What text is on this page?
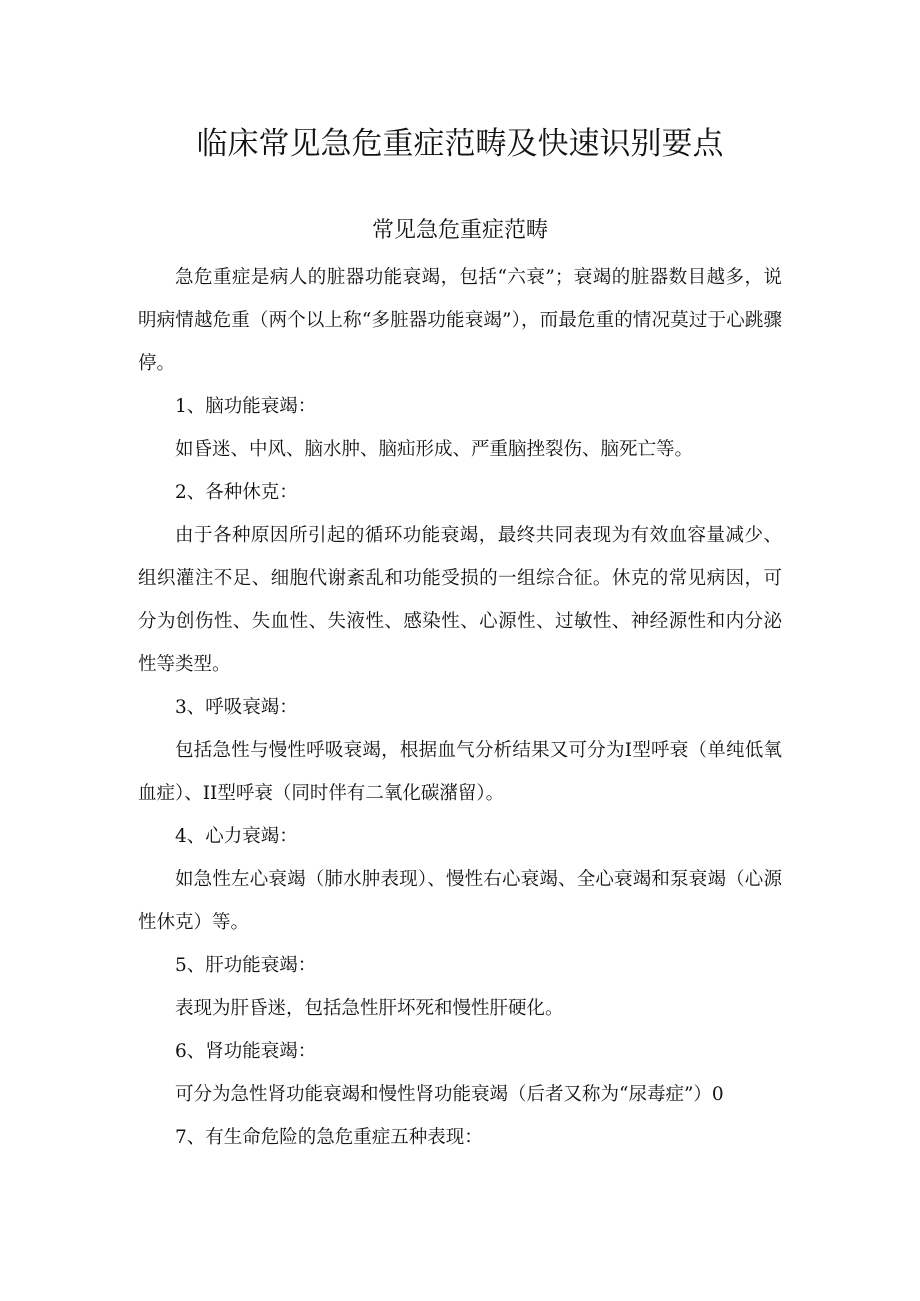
临床常见急危重症范畴及快速识别要点
常见急危重症范畴

急危重症是病人的脏器功能衰竭，包括“六衰”；衰竭的脏器数目越多，说明病情越危重（两个以上称“多脏器功能衰竭”），而最危重的情况莫过于心跳骤停。

1、脑功能衰竭：

如昏迷、中风、脑水肿、脑疝形成、严重脑挫裂伤、脑死亡等。

2、各种休克：

由于各种原因所引起的循环功能衰竭，最终共同表现为有效血容量减少、组织灌注不足、细胞代谢紊乱和功能受损的一组综合征。休克的常见病因，可分为创伤性、失血性、失液性、感染性、心源性、过敏性、神经源性和内分泌性等类型。

3、呼吸衰竭：

包括急性与慢性呼吸衰竭，根据血气分析结果又可分为I型呼衰（单纯低氧血症）、II型呼衰（同时伴有二氧化碳潴留）。

4、心力衰竭：

如急性左心衰竭（肺水肿表现）、慢性右心衰竭、全心衰竭和泵衰竭（心源性休克）等。

5、肝功能衰竭：

表现为肝昏迷，包括急性肝坏死和慢性肝硬化。

6、肾功能衰竭：

可分为急性肾功能衰竭和慢性肾功能衰竭（后者又称为“尿毒症”）0

7、有生命危险的急危重症五种表现：
